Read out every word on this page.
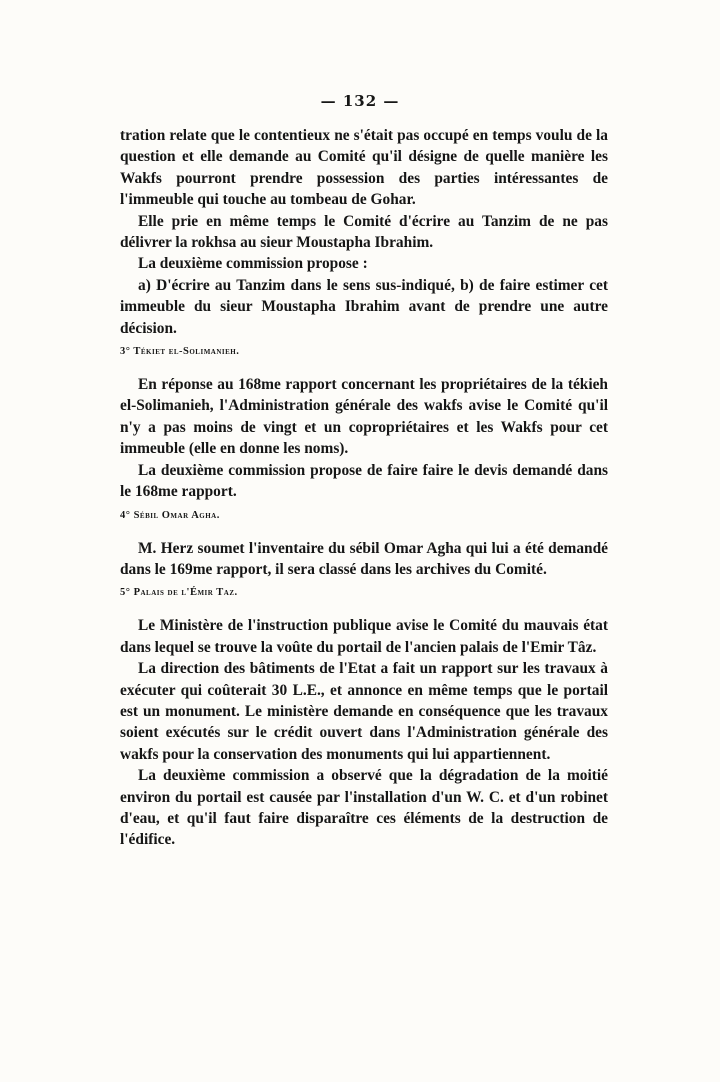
— 132 —

tration relate que le contentieux ne s'était pas occupé en temps voulu de la question et elle demande au Comité qu'il désigne de quelle manière les Wakfs pourront prendre possession des parties intéressantes de l'immeuble qui touche au tombeau de Gohar.

Elle prie en même temps le Comité d'écrire au Tanzim de ne pas délivrer la rokhsa au sieur Moustapha Ibrahim.

La deuxième commission propose :

a) D'écrire au Tanzim dans le sens sus-indiqué, b) de faire estimer cet immeuble du sieur Moustapha Ibrahim avant de prendre une autre décision.

3° Tékiet el-Solimanieh.

En réponse au 168me rapport concernant les propriétaires de la tékieh el-Solimanieh, l'Administration générale des wakfs avise le Comité qu'il n'y a pas moins de vingt et un copropriétaires et les Wakfs pour cet immeuble (elle en donne les noms).

La deuxième commission propose de faire faire le devis demandé dans le 168me rapport.

4° Sébil Omar Agha.

M. Herz soumet l'inventaire du sébil Omar Agha qui lui a été demandé dans le 169me rapport, il sera classé dans les archives du Comité.

5° Palais de l'Émir Taz.

Le Ministère de l'instruction publique avise le Comité du mauvais état dans lequel se trouve la voûte du portail de l'ancien palais de l'Emir Tâz.

La direction des bâtiments de l'Etat a fait un rapport sur les travaux à exécuter qui coûterait 30 L.E., et annonce en même temps que le portail est un monument. Le ministère demande en conséquence que les travaux soient exécutés sur le crédit ouvert dans l'Administration générale des wakfs pour la conservation des monuments qui lui appartiennent.

La deuxième commission a observé que la dégradation de la moitié environ du portail est causée par l'installation d'un W. C. et d'un robinet d'eau, et qu'il faut faire disparaître ces éléments de la destruction de l'édifice.
